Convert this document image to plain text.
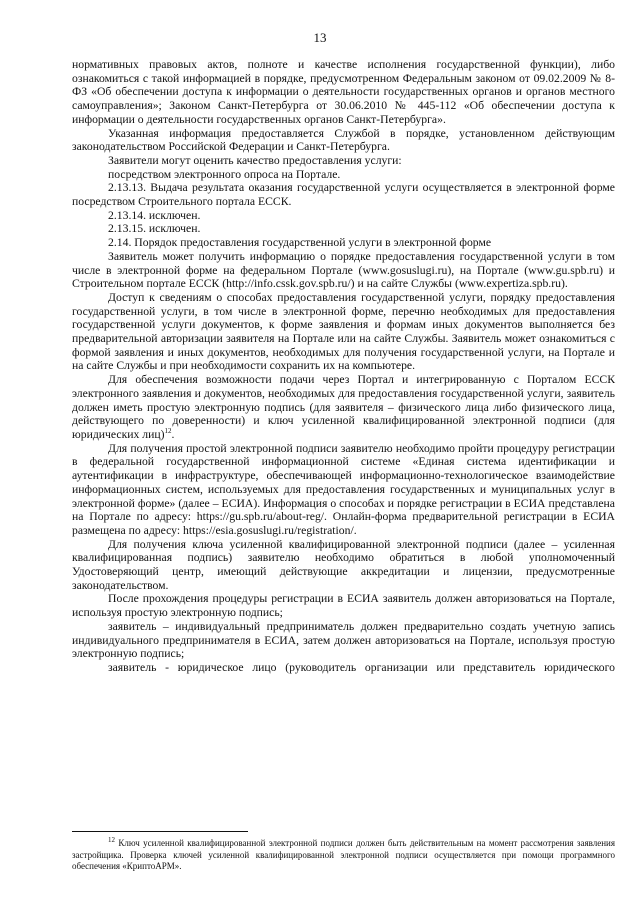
13

нормативных правовых актов, полноте и качестве исполнения государственной функции), либо ознакомиться с такой информацией в порядке, предусмотренном Федеральным законом от 09.02.2009 № 8-ФЗ «Об обеспечении доступа к информации о деятельности государственных органов и органов местного самоуправления»; Законом Санкт-Петербурга от 30.06.2010 № 445-112 «Об обеспечении доступа к информации о деятельности государственных органов Санкт-Петербурга».

Указанная информация предоставляется Службой в порядке, установленном действующим законодательством Российской Федерации и Санкт-Петербурга.

Заявители могут оценить качество предоставления услуги:

посредством электронного опроса на Портале.

2.13.13. Выдача результата оказания государственной услуги осуществляется в электронной форме посредством Строительного портала ЕССК.

2.13.14. исключен.

2.13.15. исключен.

2.14. Порядок предоставления государственной услуги в электронной форме

Заявитель может получить информацию о порядке предоставления государственной услуги в том числе в электронной форме на федеральном Портале (www.gosuslugi.ru), на Портале (www.gu.spb.ru) и Строительном портале ЕССК (http://info.cssk.gov.spb.ru/) и на сайте Службы (www.expertiza.spb.ru).

Доступ к сведениям о способах предоставления государственной услуги, порядку предоставления государственной услуги, в том числе в электронной форме, перечню необходимых для предоставления государственной услуги документов, к форме заявления и формам иных документов выполняется без предварительной авторизации заявителя на Портале или на сайте Службы. Заявитель может ознакомиться с формой заявления и иных документов, необходимых для получения государственной услуги, на Портале и на сайте Службы и при необходимости сохранить их на компьютере.

Для обеспечения возможности подачи через Портал и интегрированную с Порталом ЕССК электронного заявления и документов, необходимых для предоставления государственной услуги, заявитель должен иметь простую электронную подпись (для заявителя – физического лица либо физического лица, действующего по доверенности) и ключ усиленной квалифицированной электронной подписи (для юридических лиц)$^{12}$.

Для получения простой электронной подписи заявителю необходимо пройти процедуру регистрации в федеральной государственной информационной системе «Единая система идентификации и аутентификации в инфраструктуре, обеспечивающей информационно-технологическое взаимодействие информационных систем, используемых для предоставления государственных и муниципальных услуг в электронной форме» (далее – ЕСИА). Информация о способах и порядке регистрации в ЕСИА представлена на Портале по адресу: https://gu.spb.ru/about-reg/. Онлайн-форма предварительной регистрации в ЕСИА размещена по адресу: https://esia.gosuslugi.ru/registration/.

Для получения ключа усиленной квалифицированной электронной подписи (далее – усиленная квалифицированная подпись) заявителю необходимо обратиться в любой уполномоченный Удостоверяющий центр, имеющий действующие аккредитации и лицензии, предусмотренные законодательством.

После прохождения процедуры регистрации в ЕСИА заявитель должен авторизоваться на Портале, используя простую электронную подпись;

заявитель – индивидуальный предприниматель должен предварительно создать учетную запись индивидуального предпринимателя в ЕСИА, затем должен авторизоваться на Портале, используя простую электронную подпись;

заявитель - юридическое лицо (руководитель организации или представитель юридического

$^{12}$ Ключ усиленной квалифицированной электронной подписи должен быть действительным на момент рассмотрения заявления застройщика. Проверка ключей усиленной квалифицированной электронной подписи осуществляется при помощи программного обеспечения «КриптоАРМ».
